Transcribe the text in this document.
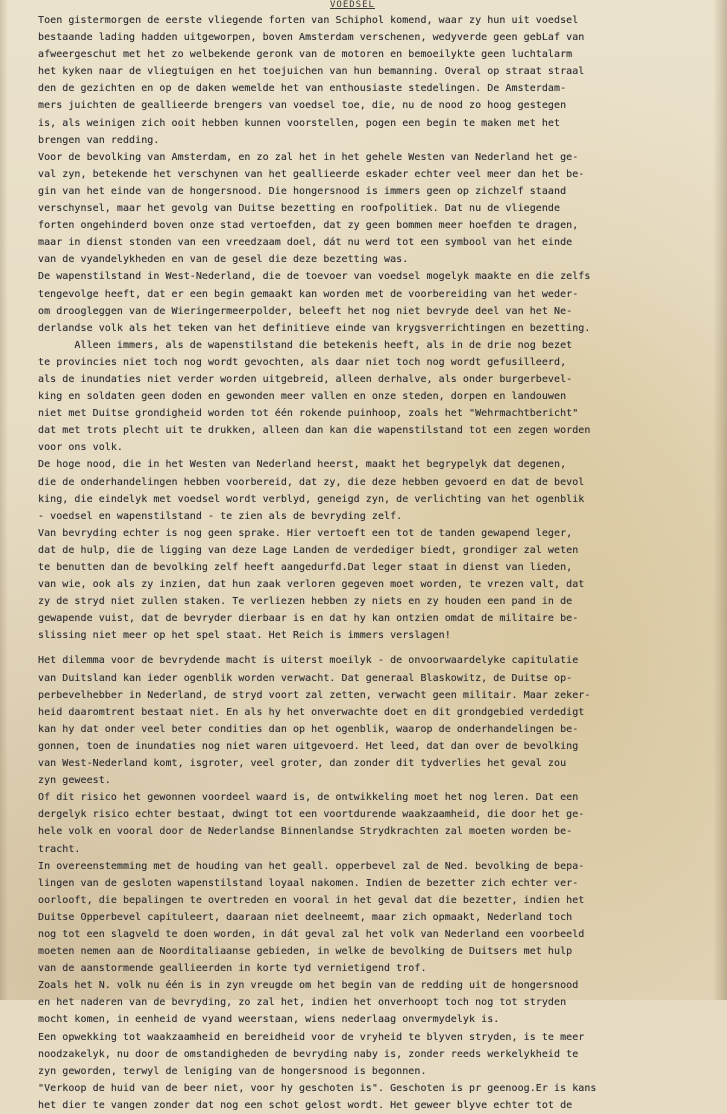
VOEDSEL
Toen gistermorgen de eerste vliegende forten van Schiphol komend, waar zy hun uit voedsel
bestaande lading hadden uitgeworpen, boven Amsterdam verschenen, wedyverde geen gebLaf van
afweergeschut met het zo welbekende geronk van de motoren en bemoeilykte geen luchtalarm
het kyken naar de vliegtuigen en het toejuichen van hun bemanning. Overal op straat straal
den de gezichten en op de daken wemelde het van enthousiaste stedelingen. De Amsterdam-
mers juichten de geallieerde brengers van voedsel toe, die, nu de nood zo hoog gestegen
is, als weinigen zich ooit hebben kunnen voorstellen, pogen een begin te maken met het
brengen van redding.
Voor de bevolking van Amsterdam, en zo zal het in het gehele Westen van Nederland het ge-
val zyn, betekende het verschynen van het geallieerde eskader echter veel meer dan het be-
gin van het einde van de hongersnood. Die hongersnood is immers geen op zichzelf staand
verschynsel, maar het gevolg van Duitse bezetting en roofpolitiek. Dat nu de vliegende
forten ongehinderd boven onze stad vertoefden, dat zy geen bommen meer hoefden te dragen,
maar in dienst stonden van een vreedzaam doel, dát nu werd tot een symbool van het einde
van de vyandelykheden en van de gesel die deze bezetting was.
De wapenstilstand in West-Nederland, die de toevoer van voedsel mogelyk maakte en die zelfs
tengevolge heeft, dat er een begin gemaakt kan worden met de voorbereiding van het weder-
om droogleggen van de Wieringermeerpolder, beleeft het nog niet bevryde deel van het Ne-
derlandse volk als het teken van het definitieve einde van krygsverrichtingen en bezetting.
Alleen immers, als de wapenstilstand die betekenis heeft, als in de drie nog bezet
te provincies niet toch nog wordt gevochten, als daar niet toch nog wordt gefusilleerd,
als de inundaties niet verder worden uitgebreid, alleen derhalve, als onder burgerbevel-
king en soldaten geen doden en gewonden meer vallen en onze steden, dorpen en landouwen
niet met Duitse grondigheid worden tot één rokende puinhoop, zoals het "Wehrmachtbericht"
dat met trots plecht uit te drukken, alleen dan kan die wapenstilstand tot een zegen worden
voor ons volk.
De hoge nood, die in het Westen van Nederland heerst, maakt het begrypelyk dat degenen,
die de onderhandelingen hebben voorbereid, dat zy, die deze hebben gevoerd en dat de bevol
king, die eindelyk met voedsel wordt verblyd, geneigd zyn, de verlichting van het ogenblik
- voedsel en wapenstilstand - te zien als de bevryding zelf.
Van bevryding echter is nog geen sprake. Hier vertoeft een tot de tanden gewapend leger,
dat de hulp, die de ligging van deze Lage Landen de verdediger biedt, grondiger zal weten
te benutten dan de bevolking zelf heeft aangedurfd.Dat leger staat in dienst van lieden,
van wie, ook als zy inzien, dat hun zaak verloren gegeven moet worden, te vrezen valt, dat
zy de stryd niet zullen staken. Te verliezen hebben zy niets en zy houden een pand in de
gewapende vuist, dat de bevryder dierbaar is en dat hy kan ontzien omdat de militaire be-
slissing niet meer op het spel staat. Het Reich is immers verslagen!
Het dilemma voor de bevrydende macht is uiterst moeilyk - de onvoorwaardelyke capitulatie
van Duitsland kan ieder ogenblik worden verwacht. Dat generaal Blaskowitz, de Duitse op-
perbevelhebber in Nederland, de stryd voort zal zetten, verwacht geen militair. Maar zeker-
heid daaromtrent bestaat niet. En als hy het onverwachte doet en dit grondgebied verdedigt
kan hy dat onder veel beter condities dan op het ogenblik, waarop de onderhandelingen be-
gonnen, toen de inundaties nog niet waren uitgevoerd. Het leed, dat dan over de bevolking
van West-Nederland komt, isgroter, veel groter, dan zonder dit tydverlies het geval zou
zyn geweest.
Of dit risico het gewonnen voordeel waard is, de ontwikkeling moet het nog leren. Dat een
dergelyk risico echter bestaat, dwingt tot een voortdurende waakzaamheid, die door het ge-
hele volk en vooral door de Nederlandse Binnenlandse Strydkrachten zal moeten worden be-
tracht.
In overeenstemming met de houding van het geall. opperbevel zal de Ned. bevolking de bepa-
lingen van de gesloten wapenstilstand loyaal nakomen. Indien de bezetter zich echter ver-
oorlooft, die bepalingen te overtreden en vooral in het geval dat die bezetter, indien het
Duitse Opperbevel capituleert, daaraan niet deelneemt, maar zich opmaakt, Nederland toch
nog tot een slagveld te doen worden, in dát geval zal het volk van Nederland een voorbeeld
moeten nemen aan de Noorditaliaanse gebieden, in welke de bevolking de Duitsers met hulp
van de aanstormende geallieerden in korte tyd vernietigend trof.
Zoals het N. volk nu één is in zyn vreugde om het begin van de redding uit de hongersnood
en het naderen van de bevryding, zo zal het, indien het onverhoopt toch nog tot stryden
mocht komen, in eenheid de vyand weerstaan, wiens nederlaag onvermydelyk is.
Een opwekking tot waakzaamheid en bereidheid voor de vryheid te blyven stryden, is te meer
noodzakelyk, nu door de omstandigheden de bevryding naby is, zonder reeds werkelykheid te
zyn geworden, terwyl de leniging van de hongersnood is begonnen.
"Verkoop de huid van de beer niet, voor hy geschoten is". Geschoten is pr geenoog.Er is kans
het dier te vangen zonder dat nog een schot gelost wordt. Het geweer blyve echter tot de
